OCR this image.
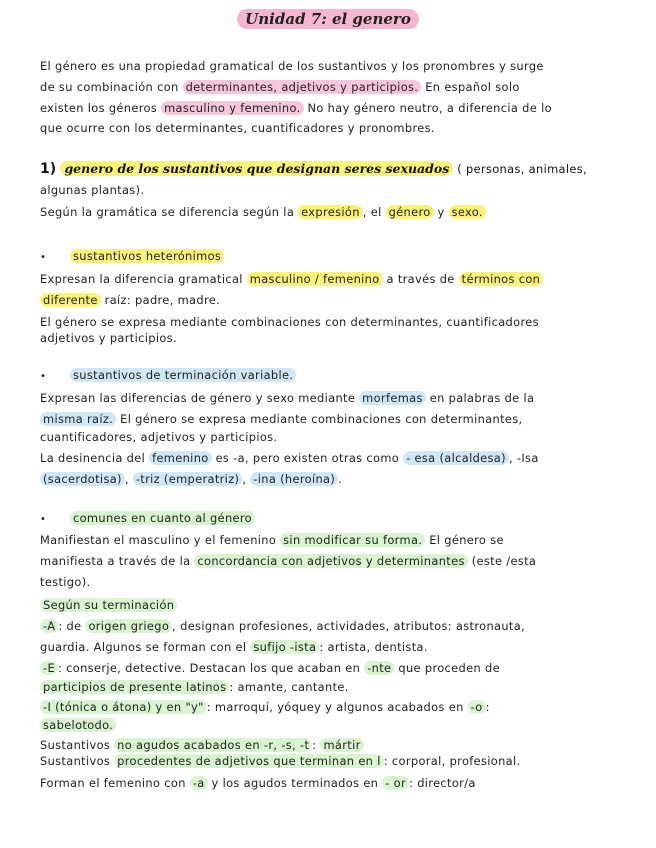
Unidad 7: el genero
El género es una propiedad gramatical de los sustantivos y los pronombres y surge
de su combinación con determinantes, adjetivos y participios. En español solo
existen los géneros masculino y femenino. No hay género neutro, a diferencia de lo
que ocurre con los determinantes, cuantificadores y pronombres.
1) genero de los sustantivos que designan seres sexuados ( personas, animales,
algunas plantas).
Según la gramática se diferencia según la expresión , el género y sexo.
• sustantivos heterónimos
Expresan la diferencia gramatical masculino / femenino a través de términos con
diferente raíz: padre, madre.
El género se expresa mediante combinaciones con determinantes, cuantificadores
adjetivos y participios.
• sustantivos de terminación variable.
Expresan las diferencias de género y sexo mediante morfemas en palabras de la
misma raíz. El género se expresa mediante combinaciones con determinantes,
cuantificadores, adjetivos y participios.
La desinencia del femenino es -a, pero existen otras como - esa (alcaldesa) , -Isa
(sacerdotisa) , -triz (emperatriz) , -ina (heroína) .
• comunes en cuanto al género
Manifiestan el masculino y el femenino sin modificar su forma. El género se
manifiesta a través de la concordancia con adjetivos y determinantes (este /esta
testigo).
Según su terminación
-A : de origen griego , designan profesiones, actividades, atributos: astronauta,
guardia. Algunos se forman con el sufijo -ista : artista, dentista.
-E : conserje, detective. Destacan los que acaban en -nte que proceden de
participios de presente latinos : amante, cantante.
-I (tónica o átona) y en "y" : marroquí, yóquey y algunos acabados en -o :
sabelotodo.
Sustantivos no agudos acabados en -r, -s, -t : mártir
Sustantivos procedentes de adjetivos que terminan en l : corporal, profesional.
Forman el femenino con -a y los agudos terminados en - or : director/a
